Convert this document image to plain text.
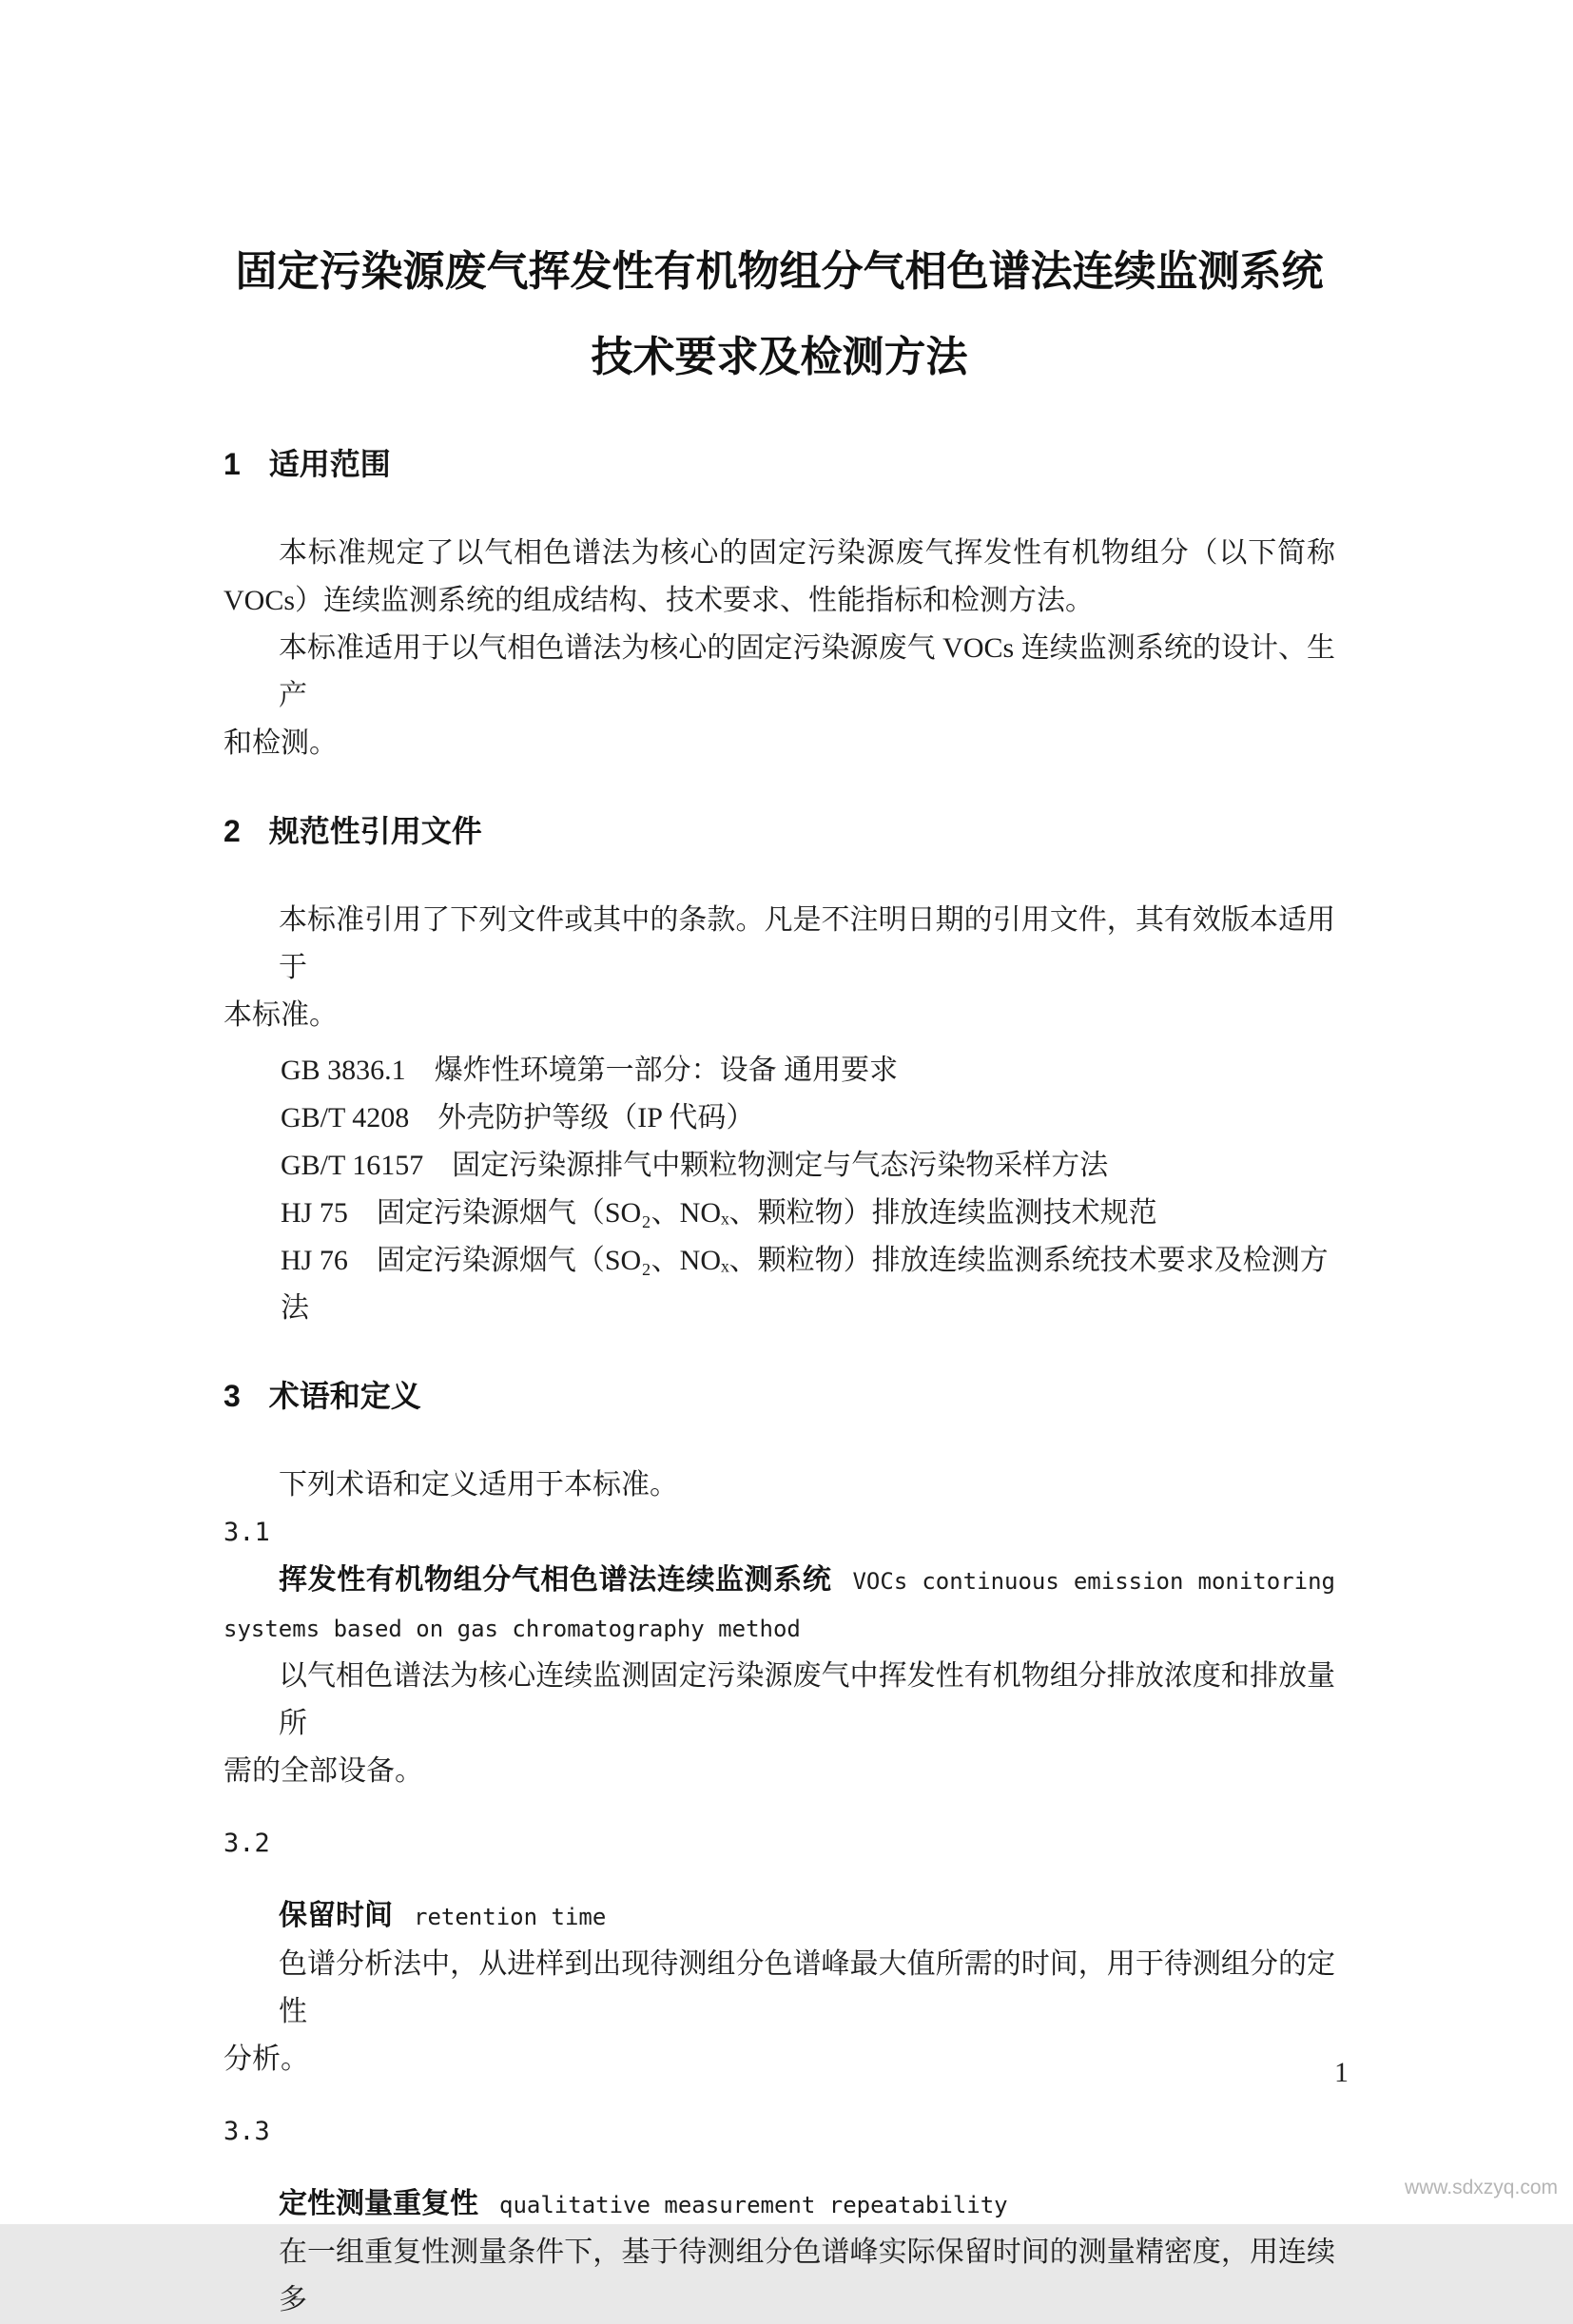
固定污染源废气挥发性有机物组分气相色谱法连续监测系统
技术要求及检测方法
1 适用范围
本标准规定了以气相色谱法为核心的固定污染源废气挥发性有机物组分（以下简称
VOCs）连续监测系统的组成结构、技术要求、性能指标和检测方法。
本标准适用于以气相色谱法为核心的固定污染源废气 VOCs 连续监测系统的设计、生产
和检测。
2 规范性引用文件
本标准引用了下列文件或其中的条款。凡是不注明日期的引用文件，其有效版本适用于
本标准。
GB 3836.1 爆炸性环境第一部分：设备 通用要求
GB/T 4208 外壳防护等级（IP 代码）
GB/T 16157 固定污染源排气中颗粒物测定与气态污染物采样方法
HJ 75 固定污染源烟气（SO₂、NOₓ、颗粒物）排放连续监测技术规范
HJ 76 固定污染源烟气（SO₂、NOₓ、颗粒物）排放连续监测系统技术要求及检测方法
3 术语和定义
下列术语和定义适用于本标准。
3.1
挥发性有机物组分气相色谱法连续监测系统 VOCs continuous emission monitoring
systems based on gas chromatography method
以气相色谱法为核心连续监测固定污染源废气中挥发性有机物组分排放浓度和排放量所
需的全部设备。
3.2
保留时间 retention time
色谱分析法中，从进样到出现待测组分色谱峰最大值所需的时间，用于待测组分的定性
分析。
3.3
定性测量重复性 qualitative measurement repeatability
在一组重复性测量条件下，基于待测组分色谱峰实际保留时间的测量精密度，用连续多
1
www.sdxzyq.com
